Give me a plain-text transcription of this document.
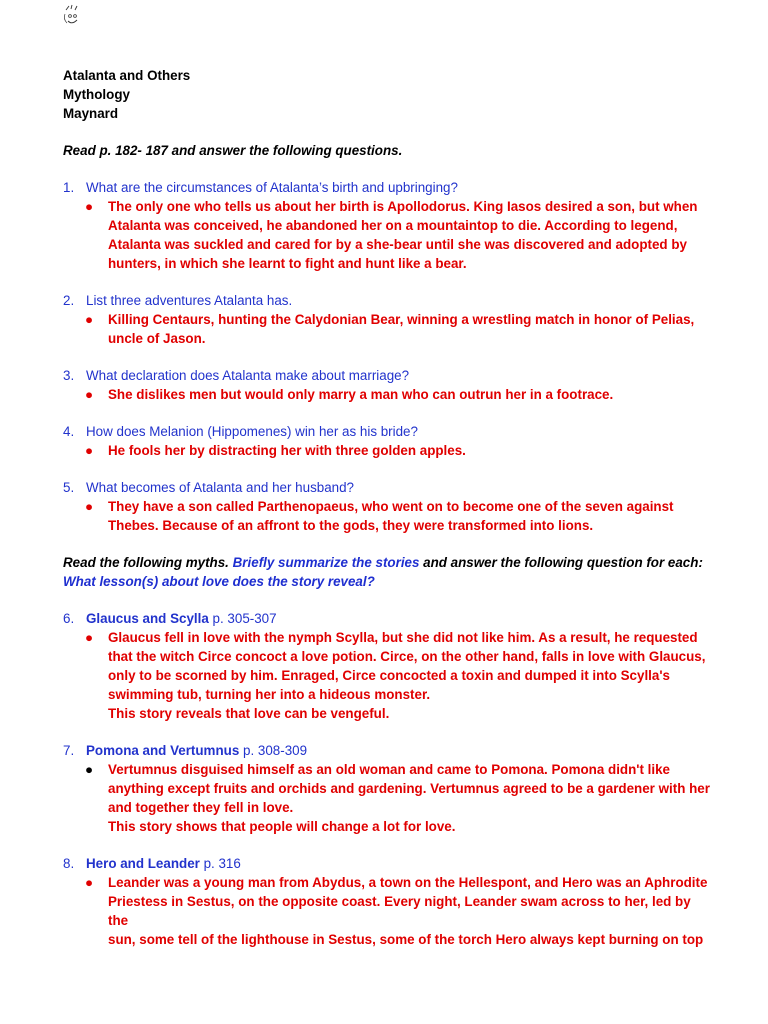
Atalanta and Others
Mythology
Maynard
Read p. 182- 187 and answer the following questions.
1. What are the circumstances of Atalanta’s birth and upbringing?
● The only one who tells us about her birth is Apollodorus. King Iasos desired a son, but when
Atalanta was conceived, he abandoned her on a mountaintop to die. According to legend,
Atalanta was suckled and cared for by a she-bear until she was discovered and adopted by
hunters, in which she learnt to fight and hunt like a bear.
2. List three adventures Atalanta has.
● Killing Centaurs, hunting the Calydonian Bear, winning a wrestling match in honor of Pelias,
uncle of Jason.
3. What declaration does Atalanta make about marriage?
● She dislikes men but would only marry a man who can outrun her in a footrace.
4. How does Melanion (Hippomenes) win her as his bride?
● He fools her by distracting her with three golden apples.
5. What becomes of Atalanta and her husband?
● They have a son called Parthenopaeus, who went on to become one of the seven against
Thebes. Because of an affront to the gods, they were transformed into lions.
Read the following myths. Briefly summarize the stories and answer the following question for each:
What lesson(s) about love does the story reveal?
6. Glaucus and Scylla p. 305-307
● Glaucus fell in love with the nymph Scylla, but she did not like him. As a result, he requested
that the witch Circe concoct a love potion. Circe, on the other hand, falls in love with Glaucus,
only to be scorned by him. Enraged, Circe concocted a toxin and dumped it into Scylla's
swimming tub, turning her into a hideous monster.
This story reveals that love can be vengeful.
7. Pomona and Vertumnus p. 308-309
● Vertumnus disguised himself as an old woman and came to Pomona. Pomona didn't like
anything except fruits and orchids and gardening. Vertumnus agreed to be a gardener with her
and together they fell in love.
This story shows that people will change a lot for love.
8. Hero and Leander p. 316
● Leander was a young man from Abydus, a town on the Hellespont, and Hero was an Aphrodite
Priestess in Sestus, on the opposite coast. Every night, Leander swam across to her, led by the
sun, some tell of the lighthouse in Sestus, some of the torch Hero always kept burning on top
